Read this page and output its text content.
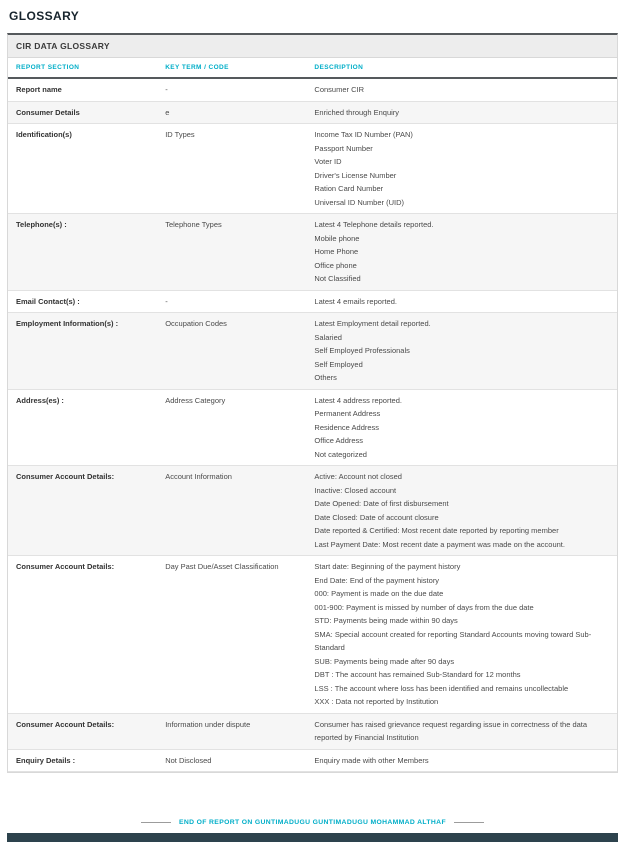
GLOSSARY
CIR DATA GLOSSARY
REPORT SECTION	KEY TERM / CODE	DESCRIPTION
Report name	-	Consumer CIR

Consumer Details	e	Enriched through Enquiry

Identification(s)	ID Types	Income Tax ID Number (PAN)
Passport Number
Voter ID
Driver's License Number
Ration Card Number
Universal ID Number (UID)

Telephone(s) :	Telephone Types	Latest 4 Telephone details reported.
Mobile phone
Home Phone
Office phone
Not Classified

Email Contact(s) :	-	Latest 4 emails reported.

Employment Information(s) :	Occupation Codes	Latest Employment detail reported.
Salaried
Self Employed Professionals
Self Employed
Others

Address(es) :	Address Category	Latest 4 address reported.
Permanent Address
Residence Address
Office Address
Not categorized

Consumer Account Details:	Account Information	Active: Account not closed
Inactive: Closed account
Date Opened: Date of first disbursement
Date Closed: Date of account closure
Date reported & Certified: Most recent date reported by reporting member
Last Payment Date: Most recent date a payment was made on the account.

Consumer Account Details:	Day Past Due/Asset Classification	Start date: Beginning of the payment history
End Date: End of the payment history
000: Payment is made on the due date
001-900: Payment is missed by number of days from the due date
STD: Payments being made within 90 days
SMA: Special account created for reporting Standard Accounts moving toward Sub-Standard
SUB: Payments being made after 90 days
DBT : The account has remained Sub-Standard for 12 months
LSS : The account where loss has been identified and remains uncollectable
XXX : Data not reported by Institution

Consumer Account Details:	Information under dispute	Consumer has raised grievance request regarding issue in correctness of the data reported by Financial Institution

Enquiry Details :	Not Disclosed	Enquiry made with other Members
END OF REPORT ON GUNTIMADUGU GUNTIMADUGU MOHAMMAD ALTHAF
